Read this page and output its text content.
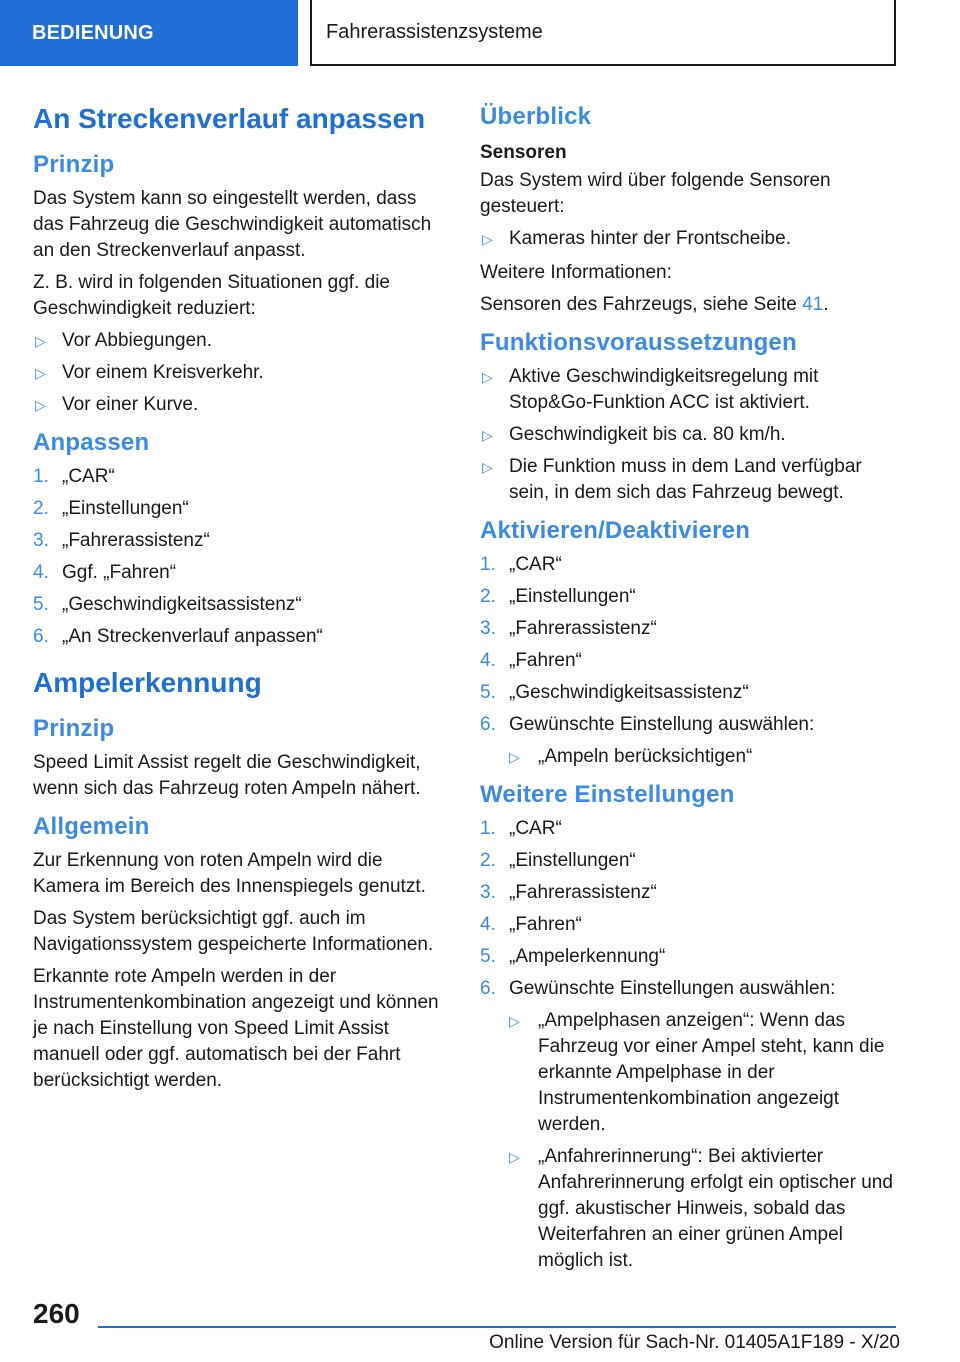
BEDIENUNG	Fahrerassistenzsysteme
An Streckenverlauf anpassen
Prinzip
Das System kann so eingestellt werden, dass das Fahrzeug die Geschwindigkeit automatisch an den Streckenverlauf anpasst.
Z. B. wird in folgenden Situationen ggf. die Geschwindigkeit reduziert:
▷ Vor Abbiegungen.
▷ Vor einem Kreisverkehr.
▷ Vor einer Kurve.
Anpassen
1. „CAR“
2. „Einstellungen“
3. „Fahrerassistenz“
4. Ggf. „Fahren“
5. „Geschwindigkeitsassistenz“
6. „An Streckenverlauf anpassen“
Ampelerkennung
Prinzip
Speed Limit Assist regelt die Geschwindigkeit, wenn sich das Fahrzeug roten Ampeln nähert.
Allgemein
Zur Erkennung von roten Ampeln wird die Kamera im Bereich des Innenspiegels genutzt.
Das System berücksichtigt ggf. auch im Navigationssystem gespeicherte Informationen.
Erkannte rote Ampeln werden in der Instrumentenkombination angezeigt und können je nach Einstellung von Speed Limit Assist manuell oder ggf. automatisch bei der Fahrt berücksichtigt werden.
Überblick
Sensoren
Das System wird über folgende Sensoren gesteuert:
▷ Kameras hinter der Frontscheibe.
Weitere Informationen:
Sensoren des Fahrzeugs, siehe Seite 41.
Funktionsvoraussetzungen
▷ Aktive Geschwindigkeitsregelung mit Stop&Go-Funktion ACC ist aktiviert.
▷ Geschwindigkeit bis ca. 80 km/h.
▷ Die Funktion muss in dem Land verfügbar sein, in dem sich das Fahrzeug bewegt.
Aktivieren/Deaktivieren
1. „CAR“
2. „Einstellungen“
3. „Fahrerassistenz“
4. „Fahren“
5. „Geschwindigkeitsassistenz“
6. Gewünschte Einstellung auswählen:
▷ „Ampeln berücksichtigen“
Weitere Einstellungen
1. „CAR“
2. „Einstellungen“
3. „Fahrerassistenz“
4. „Fahren“
5. „Ampelerkennung“
6. Gewünschte Einstellungen auswählen:
▷ „Ampelphasen anzeigen“: Wenn das Fahrzeug vor einer Ampel steht, kann die erkannte Ampelphase in der Instrumentenkombination angezeigt werden.
▷ „Anfahrerinnerung“: Bei aktivierter Anfahrerinnerung erfolgt ein optischer und ggf. akustischer Hinweis, sobald das Weiterfahren an einer grünen Ampel möglich ist.
260
Online Version für Sach-Nr. 01405A1F189 - X/20
